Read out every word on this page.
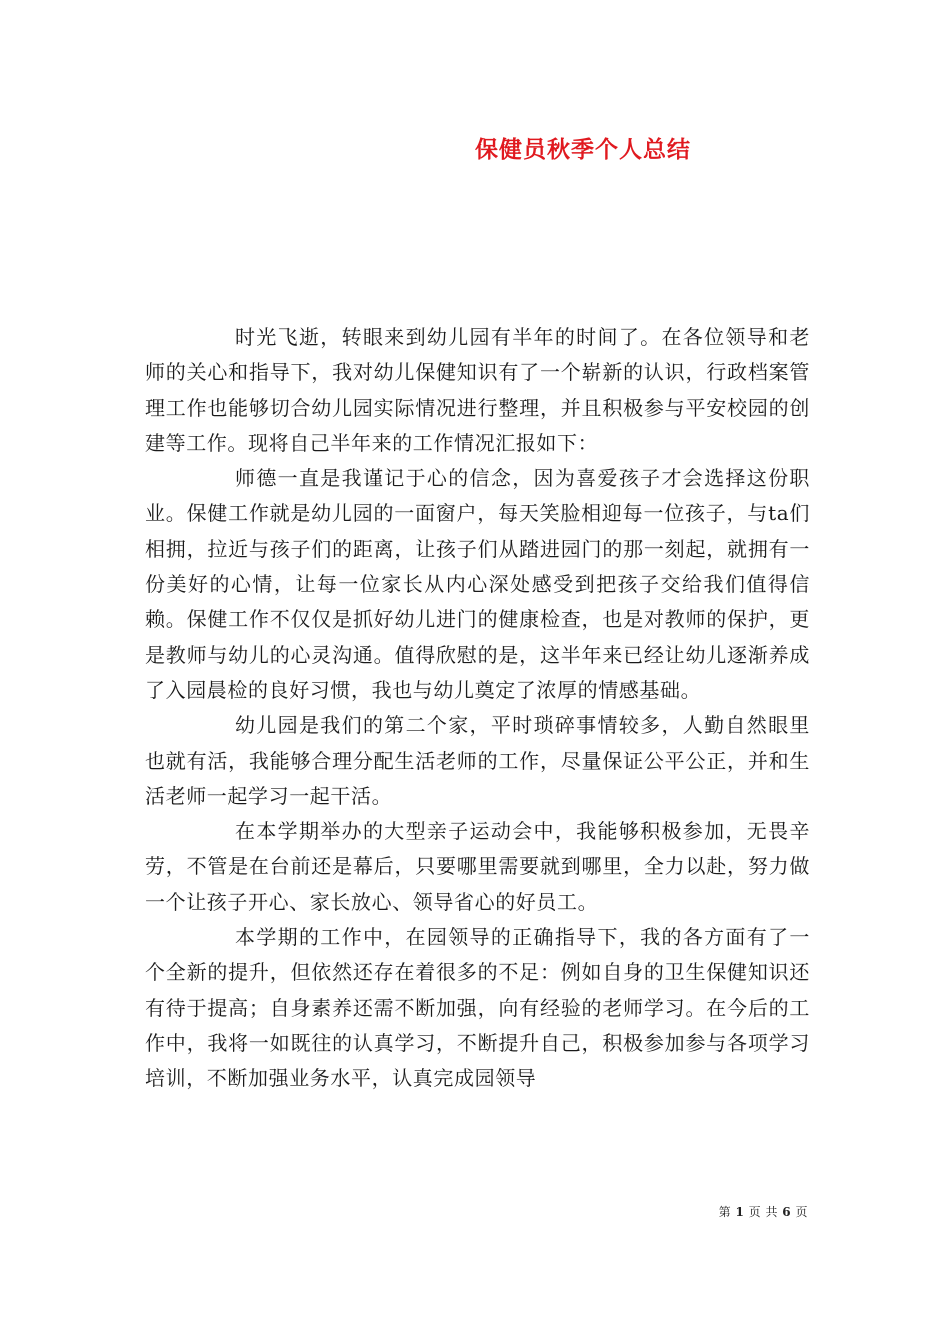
保健员秋季个人总结

时光飞逝，转眼来到幼儿园有半年的时间了。在各位领导和老师的关心和指导下，我对幼儿保健知识有了一个崭新的认识，行政档案管理工作也能够切合幼儿园实际情况进行整理，并且积极参与平安校园的创建等工作。现将自己半年来的工作情况汇报如下：

师德一直是我谨记于心的信念，因为喜爱孩子才会选择这份职业。保健工作就是幼儿园的一面窗户，每天笑脸相迎每一位孩子，与ta们相拥，拉近与孩子们的距离，让孩子们从踏进园门的那一刻起，就拥有一份美好的心情，让每一位家长从内心深处感受到把孩子交给我们值得信赖。保健工作不仅仅是抓好幼儿进门的健康检查，也是对教师的保护，更是教师与幼儿的心灵沟通。值得欣慰的是，这半年来已经让幼儿逐渐养成了入园晨检的良好习惯，我也与幼儿奠定了浓厚的情感基础。

幼儿园是我们的第二个家，平时琐碎事情较多，人勤自然眼里也就有活，我能够合理分配生活老师的工作，尽量保证公平公正，并和生活老师一起学习一起干活。

在本学期举办的大型亲子运动会中，我能够积极参加，无畏辛劳，不管是在台前还是幕后，只要哪里需要就到哪里，全力以赴，努力做一个让孩子开心、家长放心、领导省心的好员工。

本学期的工作中，在园领导的正确指导下，我的各方面有了一个全新的提升，但依然还存在着很多的不足：例如自身的卫生保健知识还有待于提高；自身素养还需不断加强，向有经验的老师学习。在今后的工作中，我将一如既往的认真学习，不断提升自己，积极参加参与各项学习培训，不断加强业务水平，认真完成园领导

第 1 页 共 6 页
